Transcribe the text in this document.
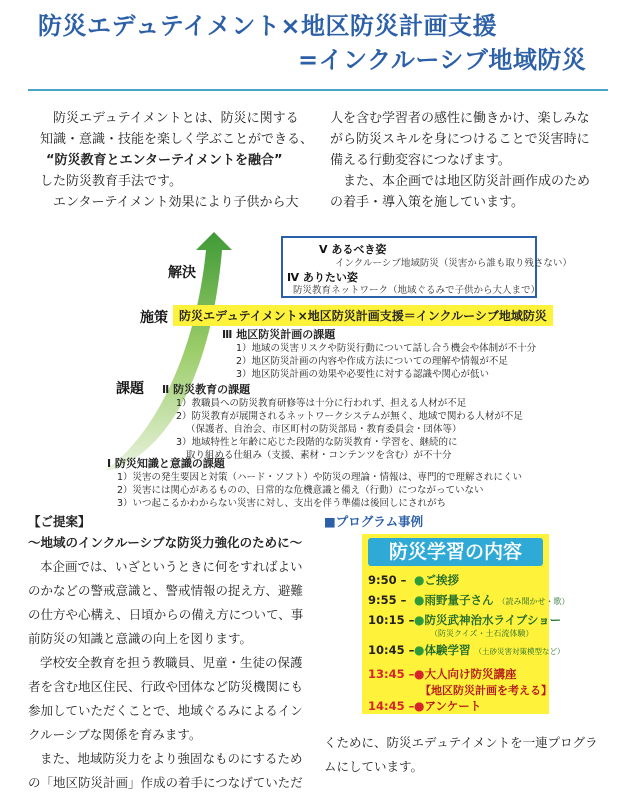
防災エデュテイメント×地区防災計画支援
=インクルーシブ地域防災

防災エデュテイメントとは、防災に関する

知識・意識・技能を楽しく学ぶことができる、

“防災教育とエンターテイメントを融合”

した防災教育手法です。

エンターテイメント効果により子供から大

人を含む学習者の感性に働きかけ、楽しみな

がら防災スキルを身につけることで災害時に

備える行動変容につなげます。

また、本企画では地区防災計画作成のため

の着手・導入策を施しています。

解決
施策
課題
Ⅴ あるべき姿
インクルーシブ地域防災（災害から誰も取り残さない）
Ⅳ ありたい姿
防災教育ネットワーク（地域ぐるみで子供から大人まで）
防災エデュテイメント×地区防災計画支援＝インクルーシブ地域防災
Ⅲ 地区防災計画の課題
1）地域の災害リスクや防災行動について話し合う機会や体制が不十分
2）地区防災計画の内容や作成方法についての理解や情報が不足
3）地区防災計画の効果や必要性に対する認識や関心が低い
Ⅱ 防災教育の課題
1）教職員への防災教育研修等は十分に行われず、担える人材が不足
2）防災教育が展開されるネットワークシステムが無く、地域で関わる人材が不足
（保護者、自治会、市区町村の防災部局・教育委員会・団体等）
3）地域特性と年齢に応じた段階的な防災教育・学習を、継続的に
取り組める仕組み（支援、素材・コンテンツを含む）が不十分
Ⅰ 防災知識と意識の課題
1）災害の発生要因と対策（ハード・ソフト）や防災の理論・情報は、専門的で理解されにくい
2）災害には関心があるものの、日常的な危機意識と備え（行動）につながっていない
3）いつ起こるかわからない災害に対し、支出を伴う準備は後回しにされがち
【ご提案】
～地域のインクルーシブな防災力強化のために～
本企画では、いざというときに何をすればよい
のかなどの警戒意識と、警戒情報の捉え方、避難
の仕方や心構え、日頃からの備え方について、事
前防災の知識と意識の向上を図ります。
学校安全教育を担う教職員、児童・生徒の保護
者を含む地区住民、行政や団体など防災機関にも
参加していただくことで、地域ぐるみによるイン
クルーシブな関係を育みます。
また、地域防災力をより強固なものにするため
の「地区防災計画」作成の着手につなげていただ
■プログラム事例
防災学習の内容
9:50 – ●ご挨拶
9:55 – ●雨野量子さん （読み聞かせ・歌）
10:15 – ●防災武神治水ライブショー
（防災クイズ・土石流体験）
10:45 – ●体験学習 （土砂災害対策模型など）
13:45 – ●大人向け防災講座
【地区防災計画を考える】
14:45 – ●アンケート
くために、防災エデュテイメントを一連プログラ
ムにしています。
